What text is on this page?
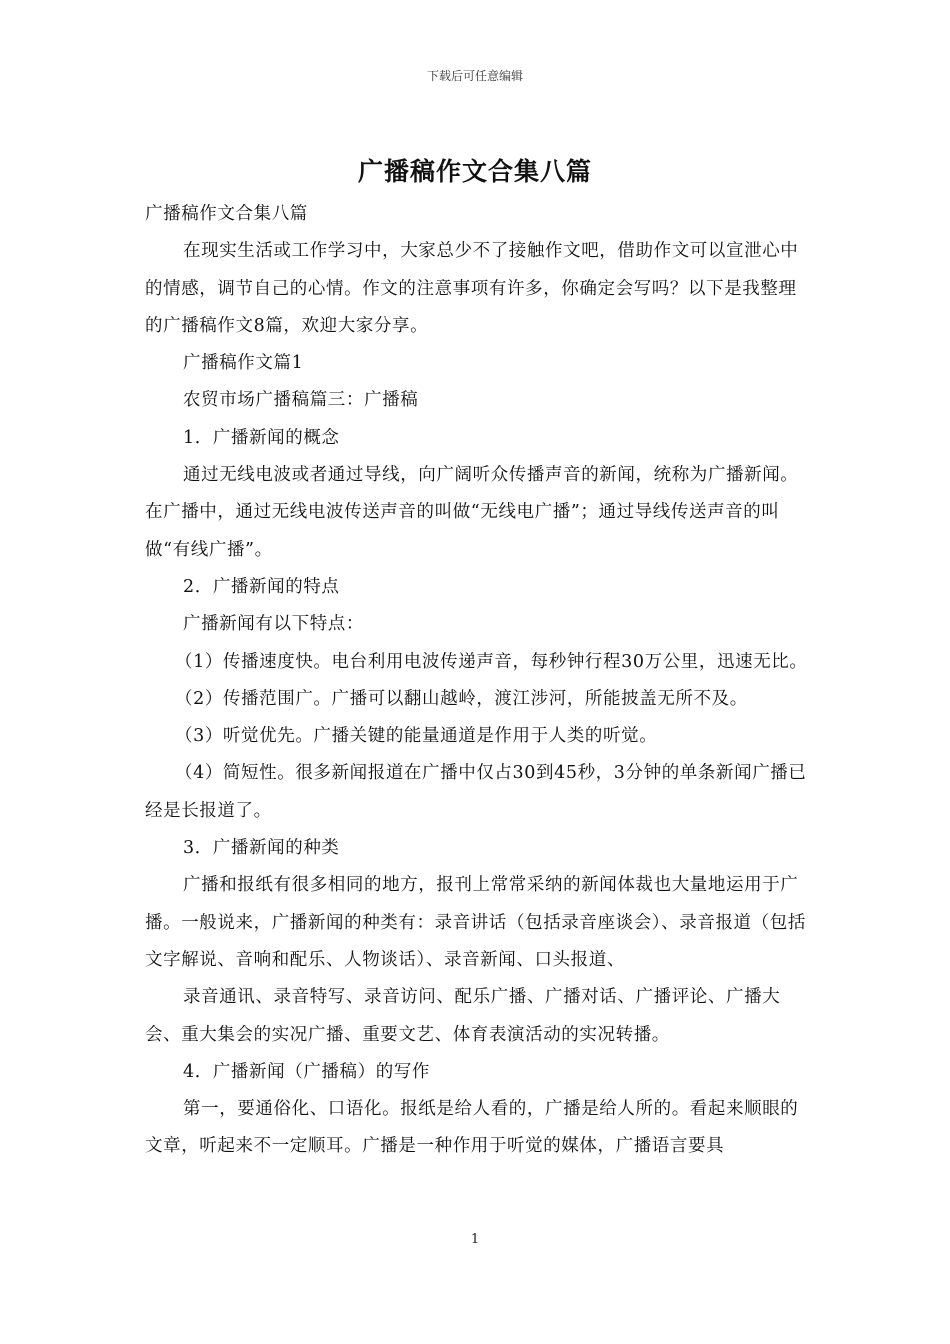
下载后可任意编辑
广播稿作文合集八篇

广播稿作文合集八篇

在现实生活或工作学习中，大家总少不了接触作文吧，借助作文可以宣泄心中的情感，调节自己的心情。作文的注意事项有许多，你确定会写吗？以下是我整理的广播稿作文8篇，欢迎大家分享。

广播稿作文篇1

农贸市场广播稿篇三：广播稿

1．广播新闻的概念

通过无线电波或者通过导线，向广阔听众传播声音的新闻，统称为广播新闻。在广播中，通过无线电波传送声音的叫做“无线电广播”；通过导线传送声音的叫做“有线广播”。

2．广播新闻的特点

广播新闻有以下特点：

（1）传播速度快。电台利用电波传递声音，每秒钟行程30万公里，迅速无比。

（2）传播范围广。广播可以翻山越岭，渡江涉河，所能披盖无所不及。

（3）听觉优先。广播关键的能量通道是作用于人类的听觉。

（4）简短性。很多新闻报道在广播中仅占30到45秒，3分钟的单条新闻广播已经是长报道了。

3．广播新闻的种类

广播和报纸有很多相同的地方，报刊上常常采纳的新闻体裁也大量地运用于广播。一般说来，广播新闻的种类有：录音讲话（包括录音座谈会）、录音报道（包括文字解说、音响和配乐、人物谈话）、录音新闻、口头报道、

录音通讯、录音特写、录音访问、配乐广播、广播对话、广播评论、广播大会、重大集会的实况广播、重要文艺、体育表演活动的实况转播。

4．广播新闻（广播稿）的写作

第一，要通俗化、口语化。报纸是给人看的，广播是给人所的。看起来顺眼的文章，听起来不一定顺耳。广播是一种作用于听觉的媒体，广播语言要具

1
